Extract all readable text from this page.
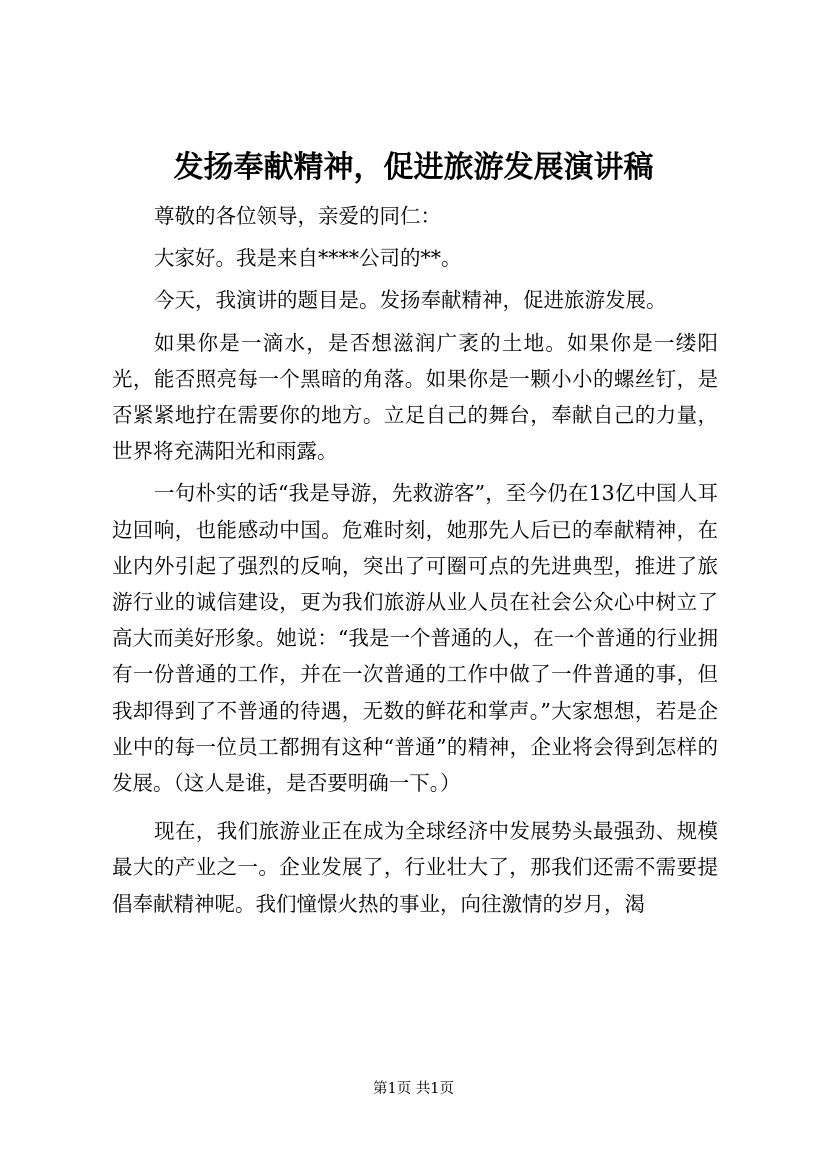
发扬奉献精神，促进旅游发展演讲稿

尊敬的各位领导，亲爱的同仁：

大家好。我是来自****公司的**。

今天，我演讲的题目是。发扬奉献精神，促进旅游发展。

如果你是一滴水，是否想滋润广袤的土地。如果你是一缕阳光，能否照亮每一个黑暗的角落。如果你是一颗小小的螺丝钉，是否紧紧地拧在需要你的地方。立足自己的舞台，奉献自己的力量，世界将充满阳光和雨露。

一句朴实的话“我是导游，先救游客”，至今仍在13亿中国人耳边回响，也能感动中国。危难时刻，她那先人后已的奉献精神，在业内外引起了强烈的反响，突出了可圈可点的先进典型，推进了旅游行业的诚信建设，更为我们旅游从业人员在社会公众心中树立了高大而美好形象。她说：“我是一个普通的人，在一个普通的行业拥有一份普通的工作，并在一次普通的工作中做了一件普通的事，但我却得到了不普通的待遇，无数的鲜花和掌声。”大家想想，若是企业中的每一位员工都拥有这种“普通”的精神，企业将会得到怎样的发展。（这人是谁，是否要明确一下。）

现在，我们旅游业正在成为全球经济中发展势头最强劲、规模最大的产业之一。企业发展了，行业壮大了，那我们还需不需要提倡奉献精神呢。我们憧憬火热的事业，向往激情的岁月，渴

第1页 共1页
